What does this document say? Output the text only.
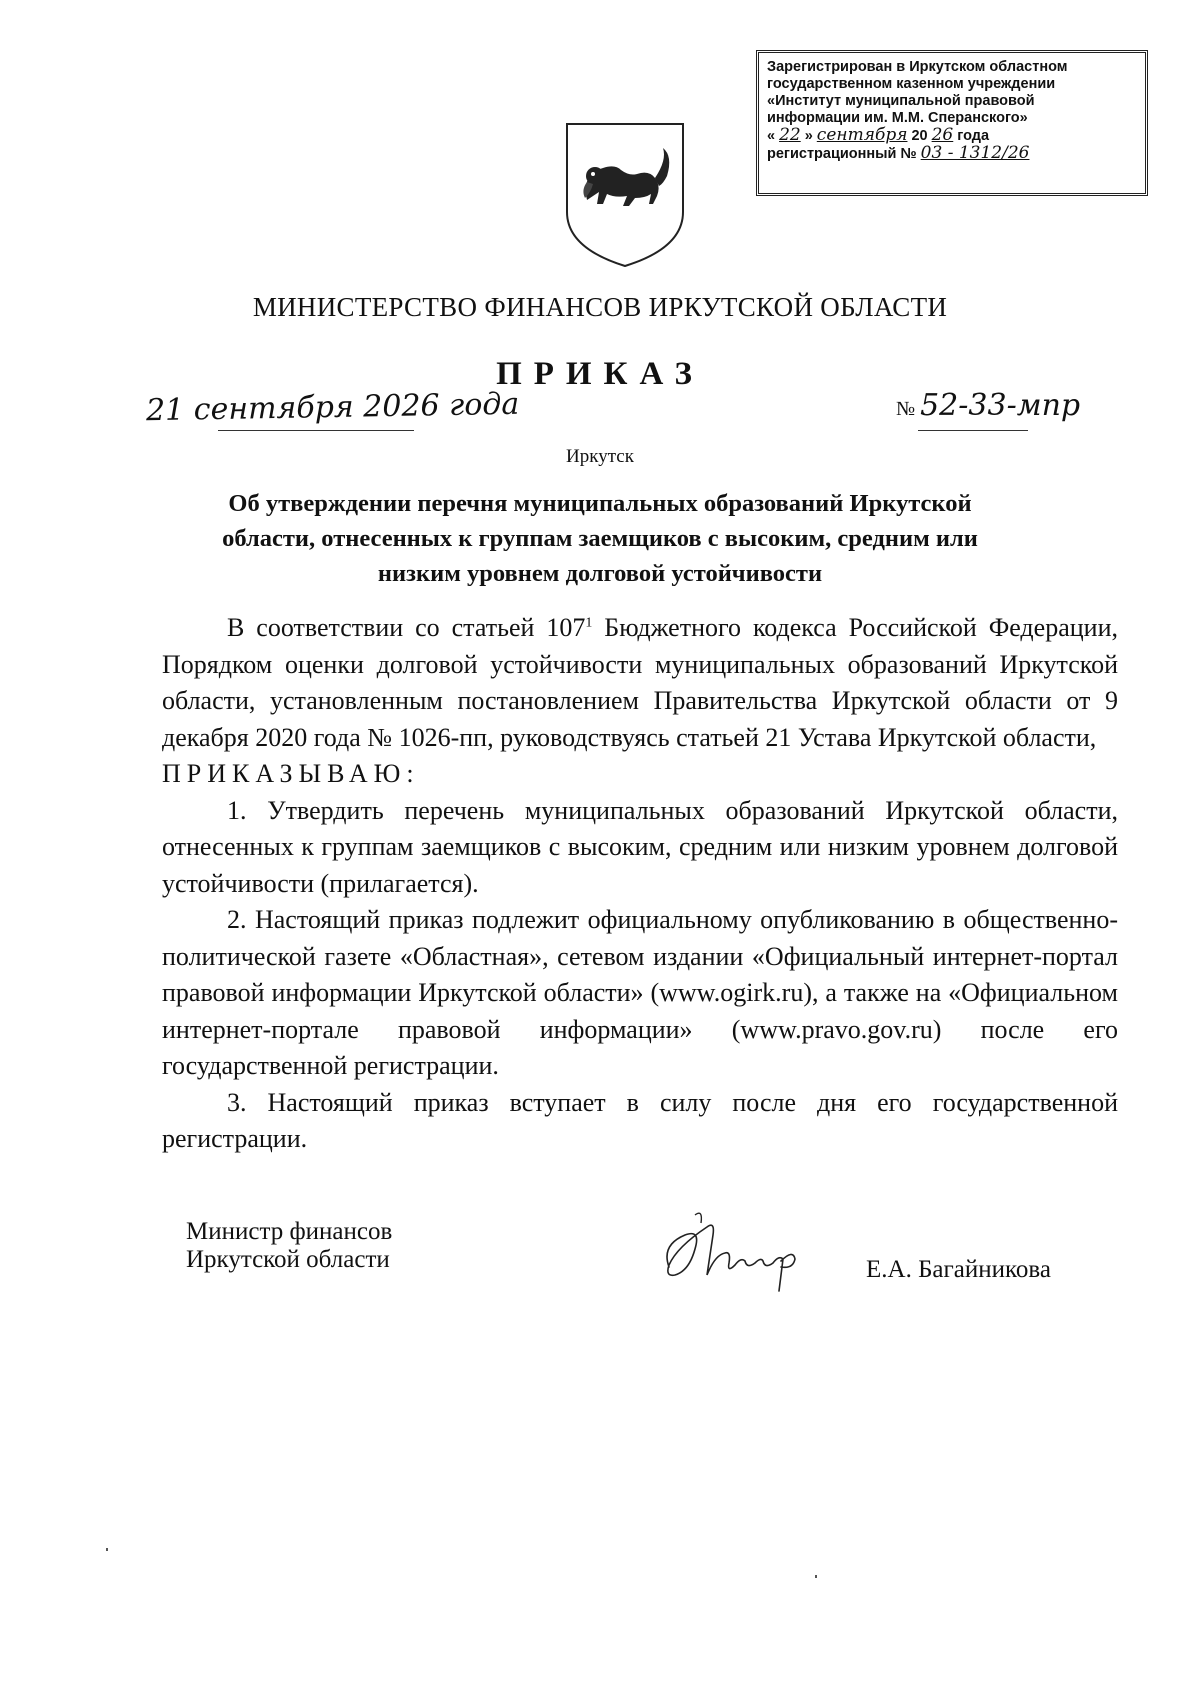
Зарегистрирован в Иркутском областном
государственном казенном учреждении
«Институт муниципальной правовой
информации им. М.М. Сперанского»
« 22 » сентября 20 26 года
регистрационный № 03 - 1312/26
МИНИСТЕРСТВО ФИНАНСОВ ИРКУТСКОЙ ОБЛАСТИ
ПРИКАЗ
21 сентября 2026 года	№ 52-33-мпр
Иркутск
Об утверждении перечня муниципальных образований Иркутской области, отнесенных к группам заемщиков с высоким, средним или низким уровнем долговой устойчивости

В соответствии со статьей $107^1$ Бюджетного кодекса Российской Федерации, Порядком оценки долговой устойчивости муниципальных образований Иркутской области, установленным постановлением Правительства Иркутской области от 9 декабря 2020 года № 1026-пп, руководствуясь статьей 21 Устава Иркутской области,

ПРИКАЗЫВАЮ:

1. Утвердить перечень муниципальных образований Иркутской области, отнесенных к группам заемщиков с высоким, средним или низким уровнем долговой устойчивости (прилагается).

2. Настоящий приказ подлежит официальному опубликованию в общественно-политической газете «Областная», сетевом издании «Официальный интернет-портал правовой информации Иркутской области» (www.ogirk.ru), а также на «Официальном интернет-портале правовой информации» (www.pravo.gov.ru) после его государственной регистрации.

3. Настоящий приказ вступает в силу после дня его государственной регистрации.

Министр финансов
Иркутской области	Е.А. Багайникова
